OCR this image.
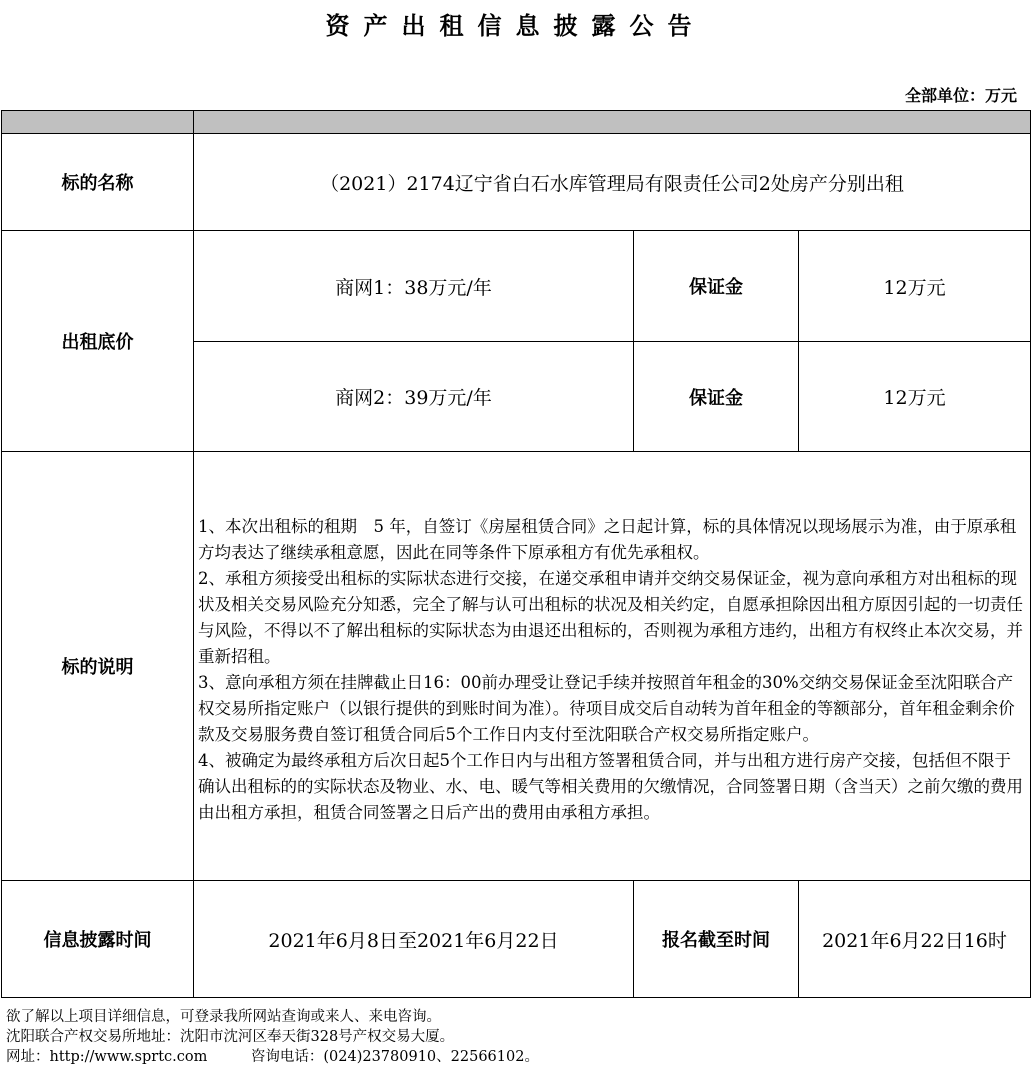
资产出租信息披露公告
全部单位：万元
标的名称	（2021）2174辽宁省白石水库管理局有限责任公司2处房产分别出租
出租底价
商网1：38万元/年	保证金	12万元
商网2：39万元/年	保证金	12万元
标的说明

1、本次出租标的租期　5 年，自签订《房屋租赁合同》之日起计算，标的具体情况以现场展示为准，由于原承租方均表达了继续承租意愿，因此在同等条件下原承租方有优先承租权。

2、承租方须接受出租标的实际状态进行交接，在递交承租申请并交纳交易保证金，视为意向承租方对出租标的现状及相关交易风险充分知悉，完全了解与认可出租标的状况及相关约定，自愿承担除因出租方原因引起的一切责任与风险，不得以不了解出租标的实际状态为由退还出租标的，否则视为承租方违约，出租方有权终止本次交易，并重新招租。

3、意向承租方须在挂牌截止日16：00前办理受让登记手续并按照首年租金的30%交纳交易保证金至沈阳联合产权交易所指定账户（以银行提供的到账时间为准）。待项目成交后自动转为首年租金的等额部分，首年租金剩余价款及交易服务费自签订租赁合同后5个工作日内支付至沈阳联合产权交易所指定账户。

4、被确定为最终承租方后次日起5个工作日内与出租方签署租赁合同，并与出租方进行房产交接，包括但不限于确认出租标的的实际状态及物业、水、电、暖气等相关费用的欠缴情况，合同签署日期（含当天）之前欠缴的费用由出租方承担，租赁合同签署之日后产出的费用由承租方承担。

信息披露时间	2021年6月8日至2021年6月22日	报名截至时间	2021年6月22日16时
欲了解以上项目详细信息，可登录我所网站查询或来人、来电咨询。
沈阳联合产权交易所地址：沈阳市沈河区奉天街328号产权交易大厦。
网址：http://www.sprtc.com　　　咨询电话：(024)23780910、22566102。
